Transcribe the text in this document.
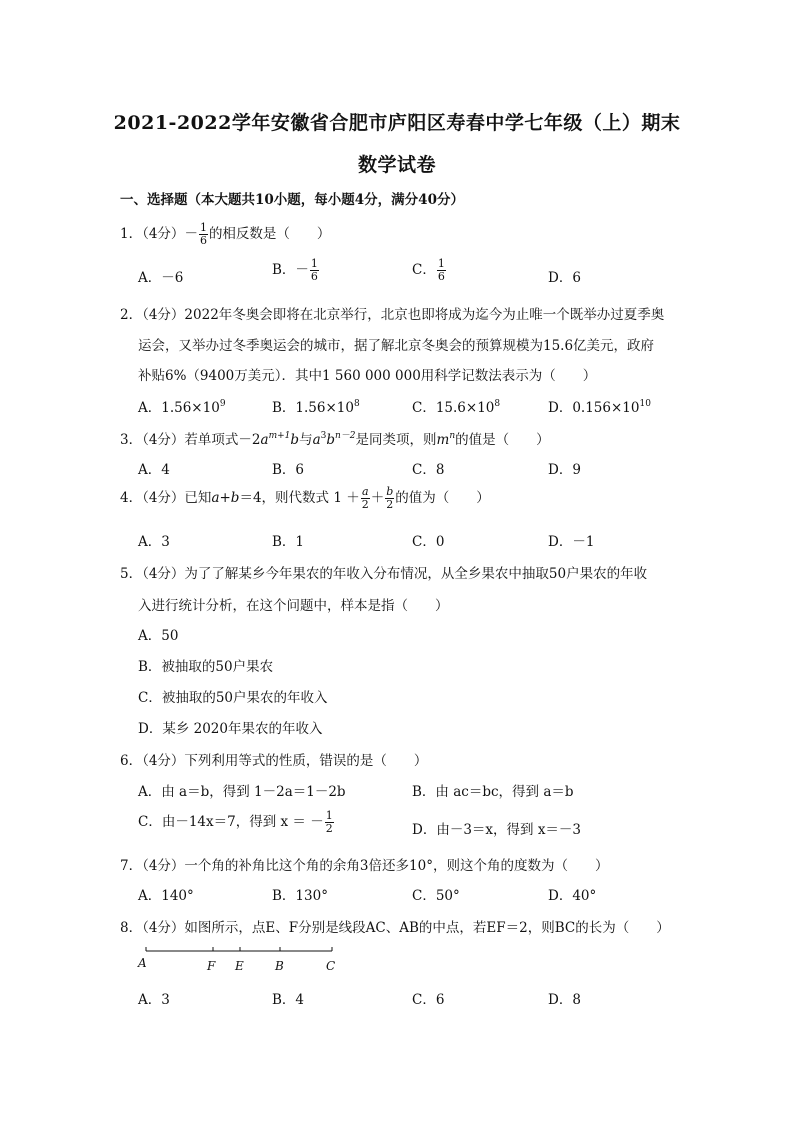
2021-2022学年安徽省合肥市庐阳区寿春中学七年级（上）期末
数学试卷
一、选择题（本大题共10小题，每小题4分，满分40分）
1．（4分）－ $\frac{1}{6}$ 的相反数是（　　）
A．－6	B．－ $\frac{1}{6}$	C． $\frac{1}{6}$	D．6
2．（4分）2022年冬奥会即将在北京举行，北京也即将成为迄今为止唯一个既举办过夏季奥
运会，又举办过冬季奥运会的城市，据了解北京冬奥会的预算规模为15.6亿美元，政府
补贴6%（9400万美元）．其中1 560 000 000用科学记数法表示为（　　）
A．$1.56\times 10^9$	B．$1.56\times 10^8$	C．$15.6\times 10^8$	D．$0.156\times 10^{10}$
3．（4分）若单项式$-2a^{m+1}b$与$a^3b^{n-2}$是同类项，则$m^n$的值是（　　）
A．4	B．6	C．8	D．9
4．（4分）已知a+b＝4，则代数式 $1 + \frac{a}{2} + \frac{b}{2}$ 的值为（　　）
A．3	B．1	C．0	D．－1
5．（4分）为了了解某乡今年果农的年收入分布情况，从全乡果农中抽取50户果农的年收
入进行统计分析，在这个问题中，样本是指（　　）
A．50
B．被抽取的50户果农
C．被抽取的50户果农的年收入
D．某乡 2020年果农的年收入
6．（4分）下列利用等式的性质，错误的是（　　）
A．由 a＝b，得到 1－2a＝1－2b	B．由 ac＝bc，得到 a＝b
C．由－14x＝7，得到 x ＝ － $\frac{1}{2}$	D．由－3＝x，得到 x＝－3
7．（4分）一个角的补角比这个角的余角3倍还多10°，则这个角的度数为（　　）
A．140°	B．130°	C．50°	D．40°
8．（4分）如图所示，点E、F分别是线段AC、AB的中点，若EF＝2，则BC的长为（　　）
A	F E	B	C
A．3	B．4	C．6	D．8
